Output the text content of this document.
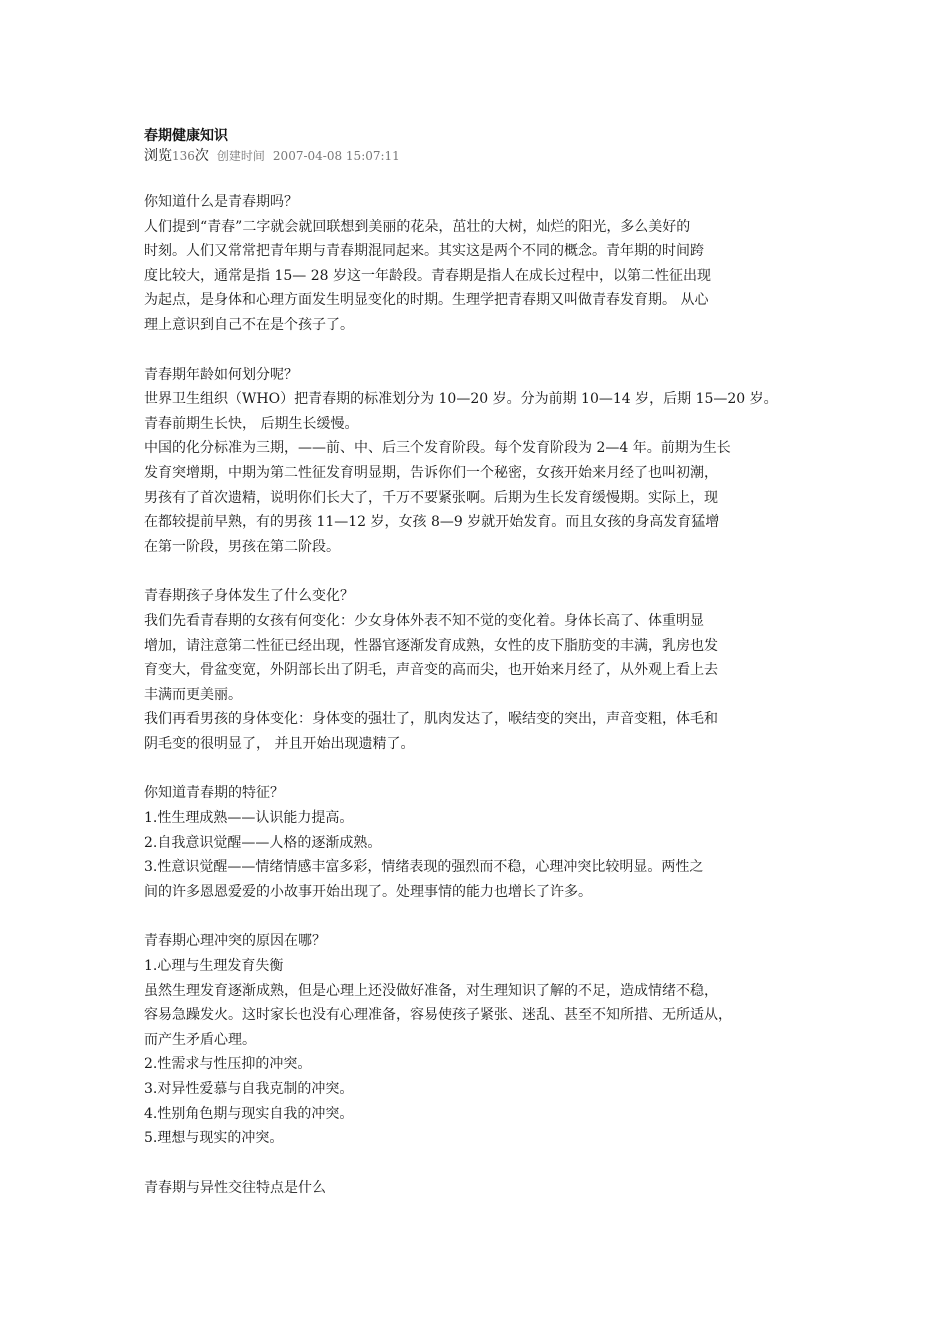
春期健康知识
浏览136次 创建时间 2007-04-08 15:07:11

你知道什么是青春期吗？

人们提到“青春”二字就会就回联想到美丽的花朵，茁壮的大树，灿烂的阳光，多么美好的

时刻。人们又常常把青年期与青春期混同起来。其实这是两个不同的概念。青年期的时间跨

度比较大，通常是指 15— 28 岁这一年龄段。青春期是指人在成长过程中，以第二性征出现

为起点，是身体和心理方面发生明显变化的时期。生理学把青春期又叫做青春发育期。 从心

理上意识到自己不在是个孩子了。

青春期年龄如何划分呢？

世界卫生组织（WHO）把青春期的标准划分为 10—20 岁。分为前期 10—14 岁，后期 15—20 岁。

青春前期生长快， 后期生长缓慢。

中国的化分标准为三期，——前、中、后三个发育阶段。每个发育阶段为 2—4 年。前期为生长

发育突增期，中期为第二性征发育明显期，告诉你们一个秘密，女孩开始来月经了也叫初潮，

男孩有了首次遗精，说明你们长大了，千万不要紧张啊。后期为生长发育缓慢期。实际上，现

在都较提前早熟，有的男孩 11—12 岁，女孩 8—9 岁就开始发育。而且女孩的身高发育猛增

在第一阶段，男孩在第二阶段。

青春期孩子身体发生了什么变化？

我们先看青春期的女孩有何变化：少女身体外表不知不觉的变化着。身体长高了、体重明显

增加，请注意第二性征已经出现，性器官逐渐发育成熟，女性的皮下脂肪变的丰满，乳房也发

育变大，骨盆变宽，外阴部长出了阴毛，声音变的高而尖，也开始来月经了，从外观上看上去

丰满而更美丽。

我们再看男孩的身体变化：身体变的强壮了，肌肉发达了，喉结变的突出，声音变粗，体毛和

阴毛变的很明显了， 并且开始出现遗精了。

你知道青春期的特征？

1.性生理成熟——认识能力提高。

2.自我意识觉醒——人格的逐渐成熟。

3.性意识觉醒——情绪情感丰富多彩，情绪表现的强烈而不稳，心理冲突比较明显。两性之

间的许多恩恩爱爱的小故事开始出现了。处理事情的能力也增长了许多。

青春期心理冲突的原因在哪？

1.心理与生理发育失衡

虽然生理发育逐渐成熟，但是心理上还没做好准备，对生理知识了解的不足，造成情绪不稳，

容易急躁发火。这时家长也没有心理准备，容易使孩子紧张、迷乱、甚至不知所措、无所适从，

而产生矛盾心理。

2.性需求与性压抑的冲突。

3.对异性爱慕与自我克制的冲突。

4.性别角色期与现实自我的冲突。

5.理想与现实的冲突。

青春期与异性交往特点是什么
